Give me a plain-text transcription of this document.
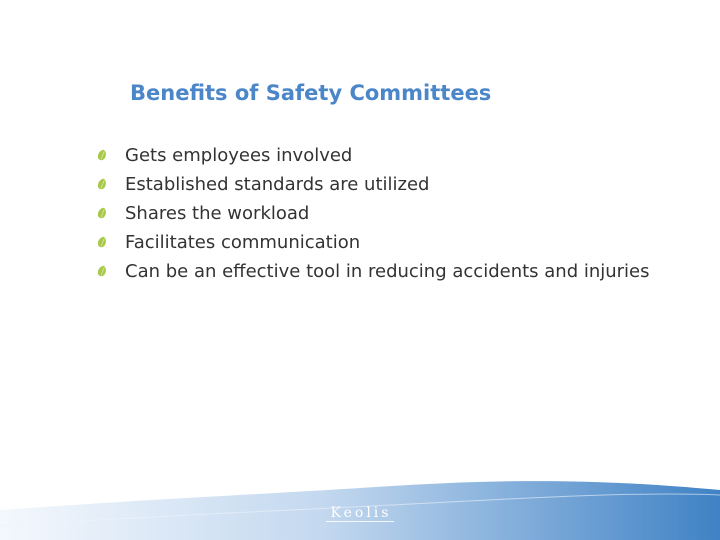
Benefits of Safety Committees
Gets employees involved
Established standards are utilized
Shares the workload
Facilitates communication
Can be an effective tool in reducing accidents and injuries
Keolis
